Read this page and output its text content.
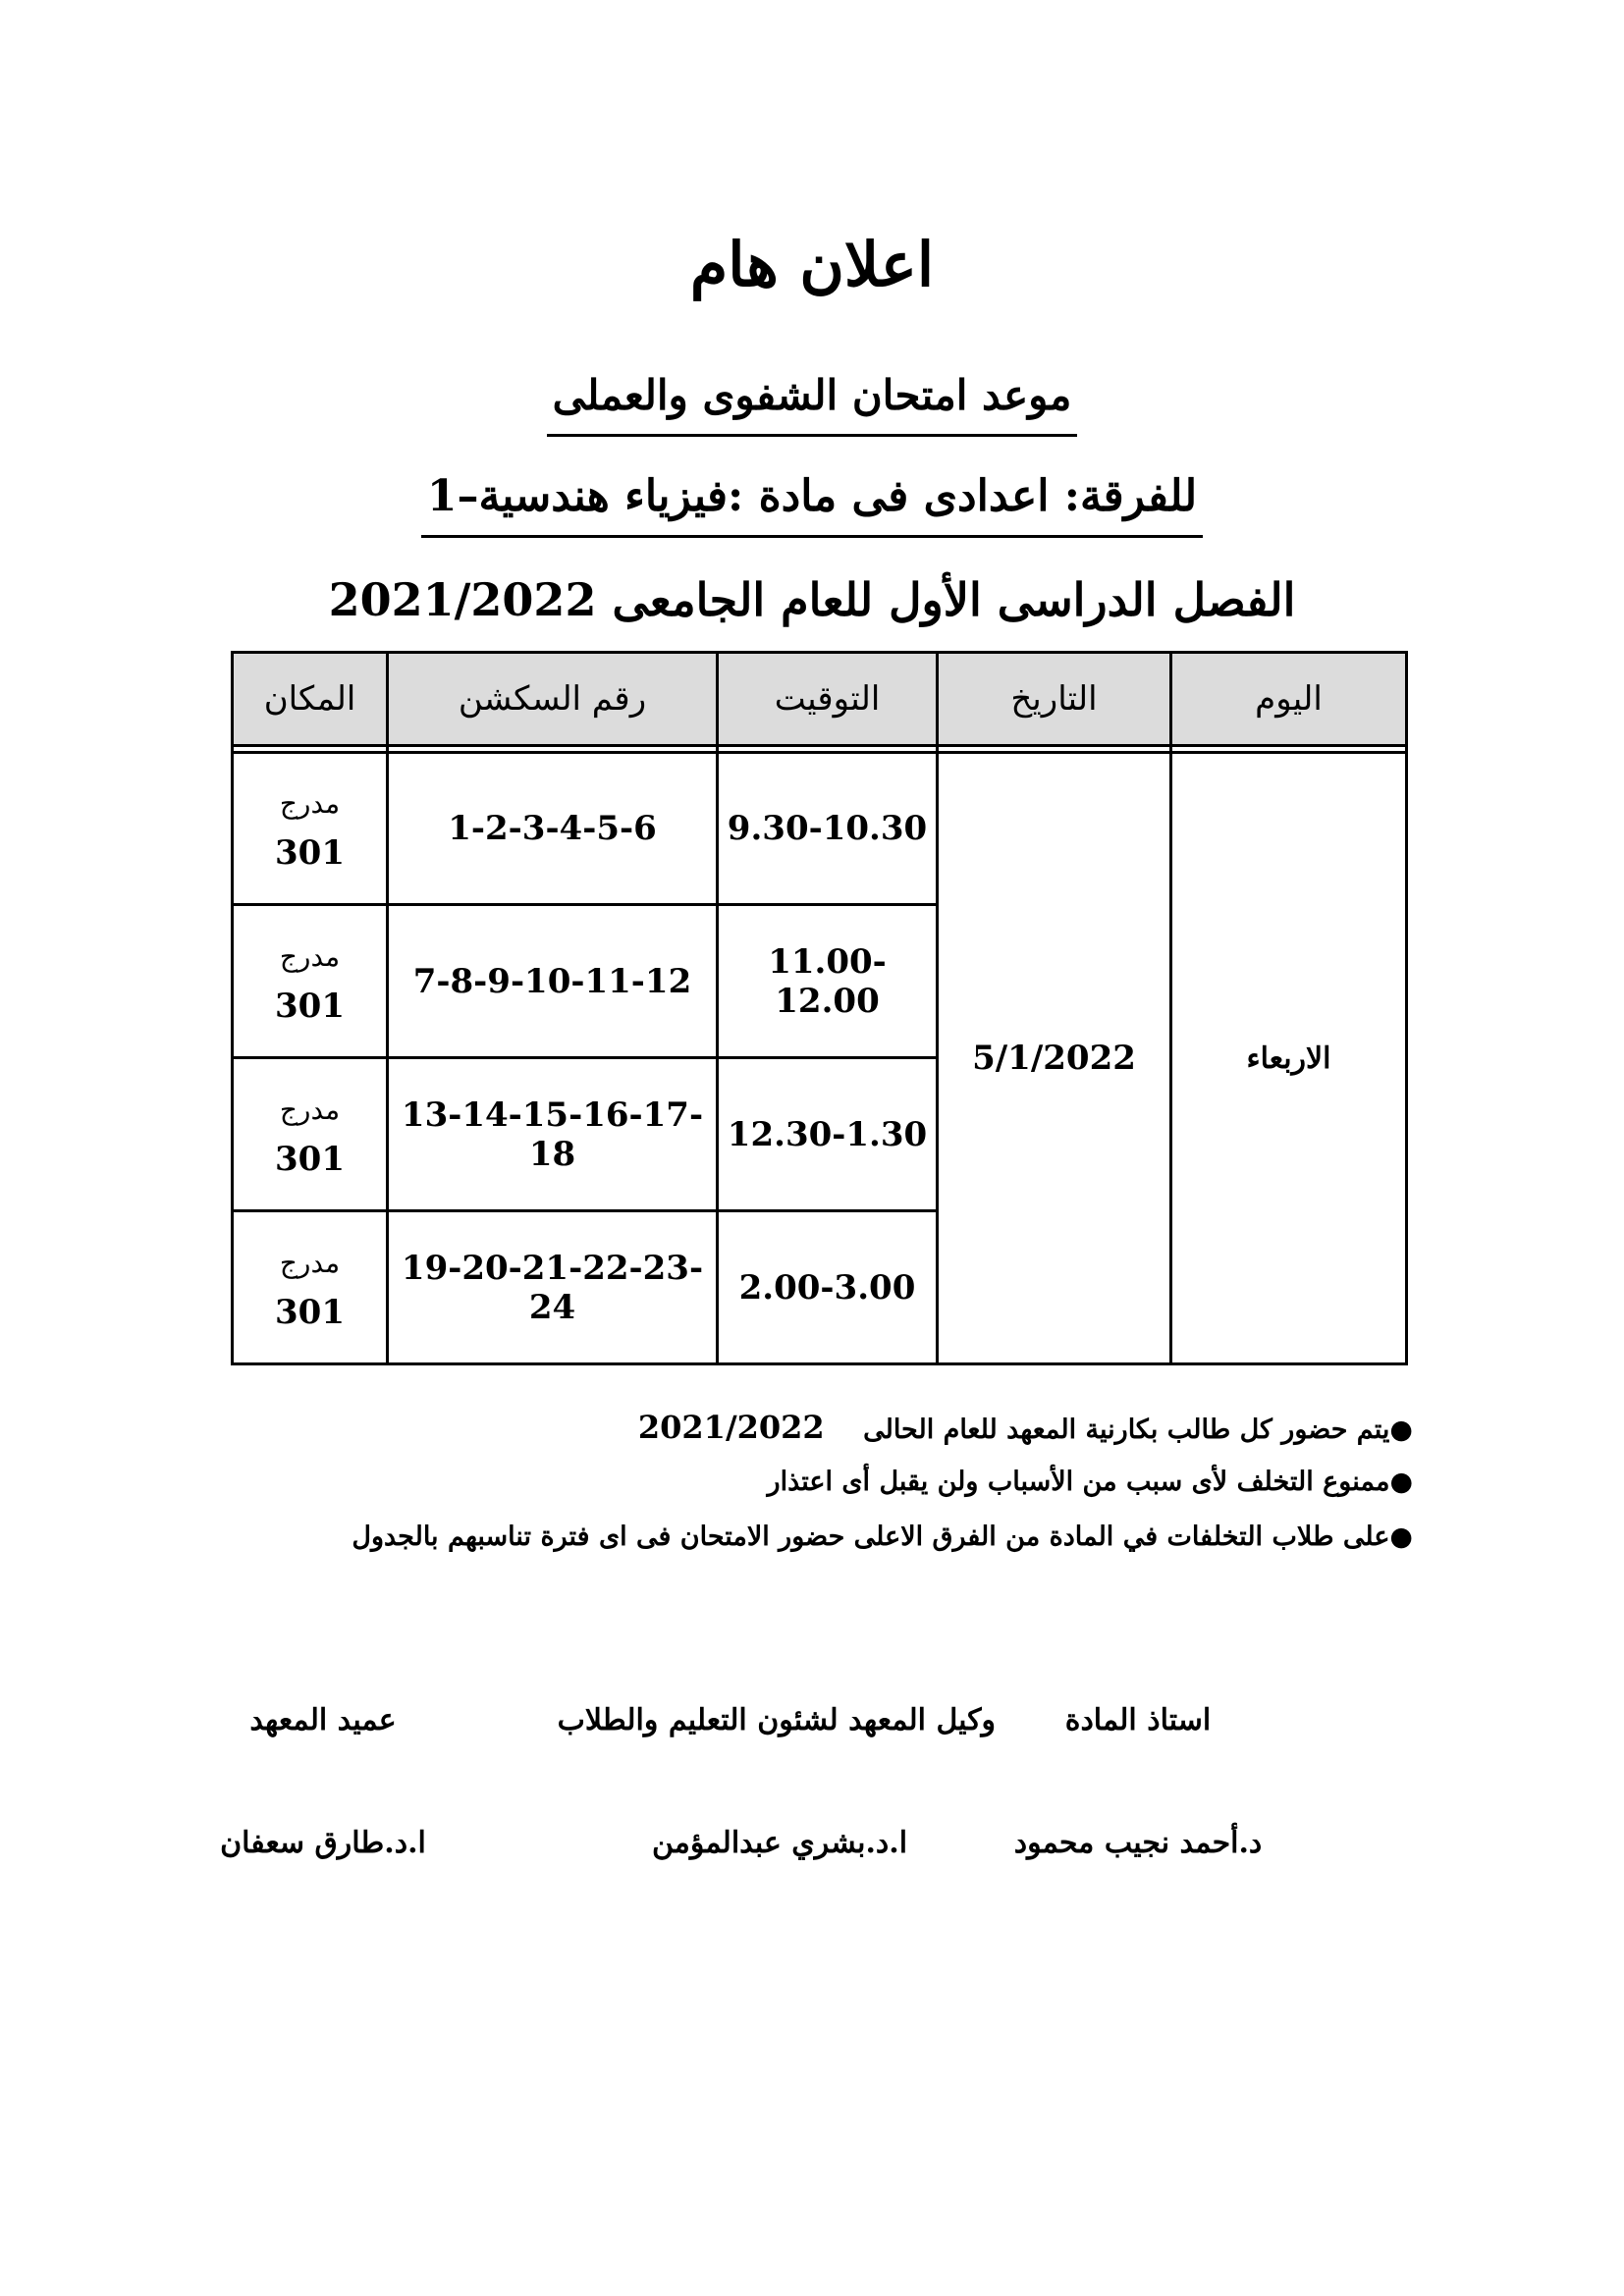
اعلان هام
موعد امتحان الشفوى والعملى
للفرقة: اعدادى فى مادة :فيزياء هندسية–1
الفصل الدراسى الأول للعام الجامعى 2021/2022
اليوم	التاريخ	التوقيت	رقم السكشن	المكان

الاربعاء	5/1/2022	9.30-10.30	1-2-3-4-5-6	مدرج
301

		11.00-12.00	7-8-9-10-11-12	مدرج
301

		12.30-1.30	13-14-15-16-17-18	مدرج
301

		2.00-3.00	19-20-21-22-23-24	مدرج
301
●يتم حضور كل طالب بكارنية المعهد للعام الحالى 2021/2022
●ممنوع التخلف لأى سبب من الأسباب ولن يقبل أى اعتذار
●على طلاب التخلفات في المادة من الفرق الاعلى حضور الامتحان فى اى فترة تناسبهم بالجدول
استاذ المادة
وكيل المعهد لشئون التعليم والطلاب
عميد المعهد
د.أحمد نجيب محمود
ا.د.بشري عبدالمؤمن
ا.د.طارق سعفان
